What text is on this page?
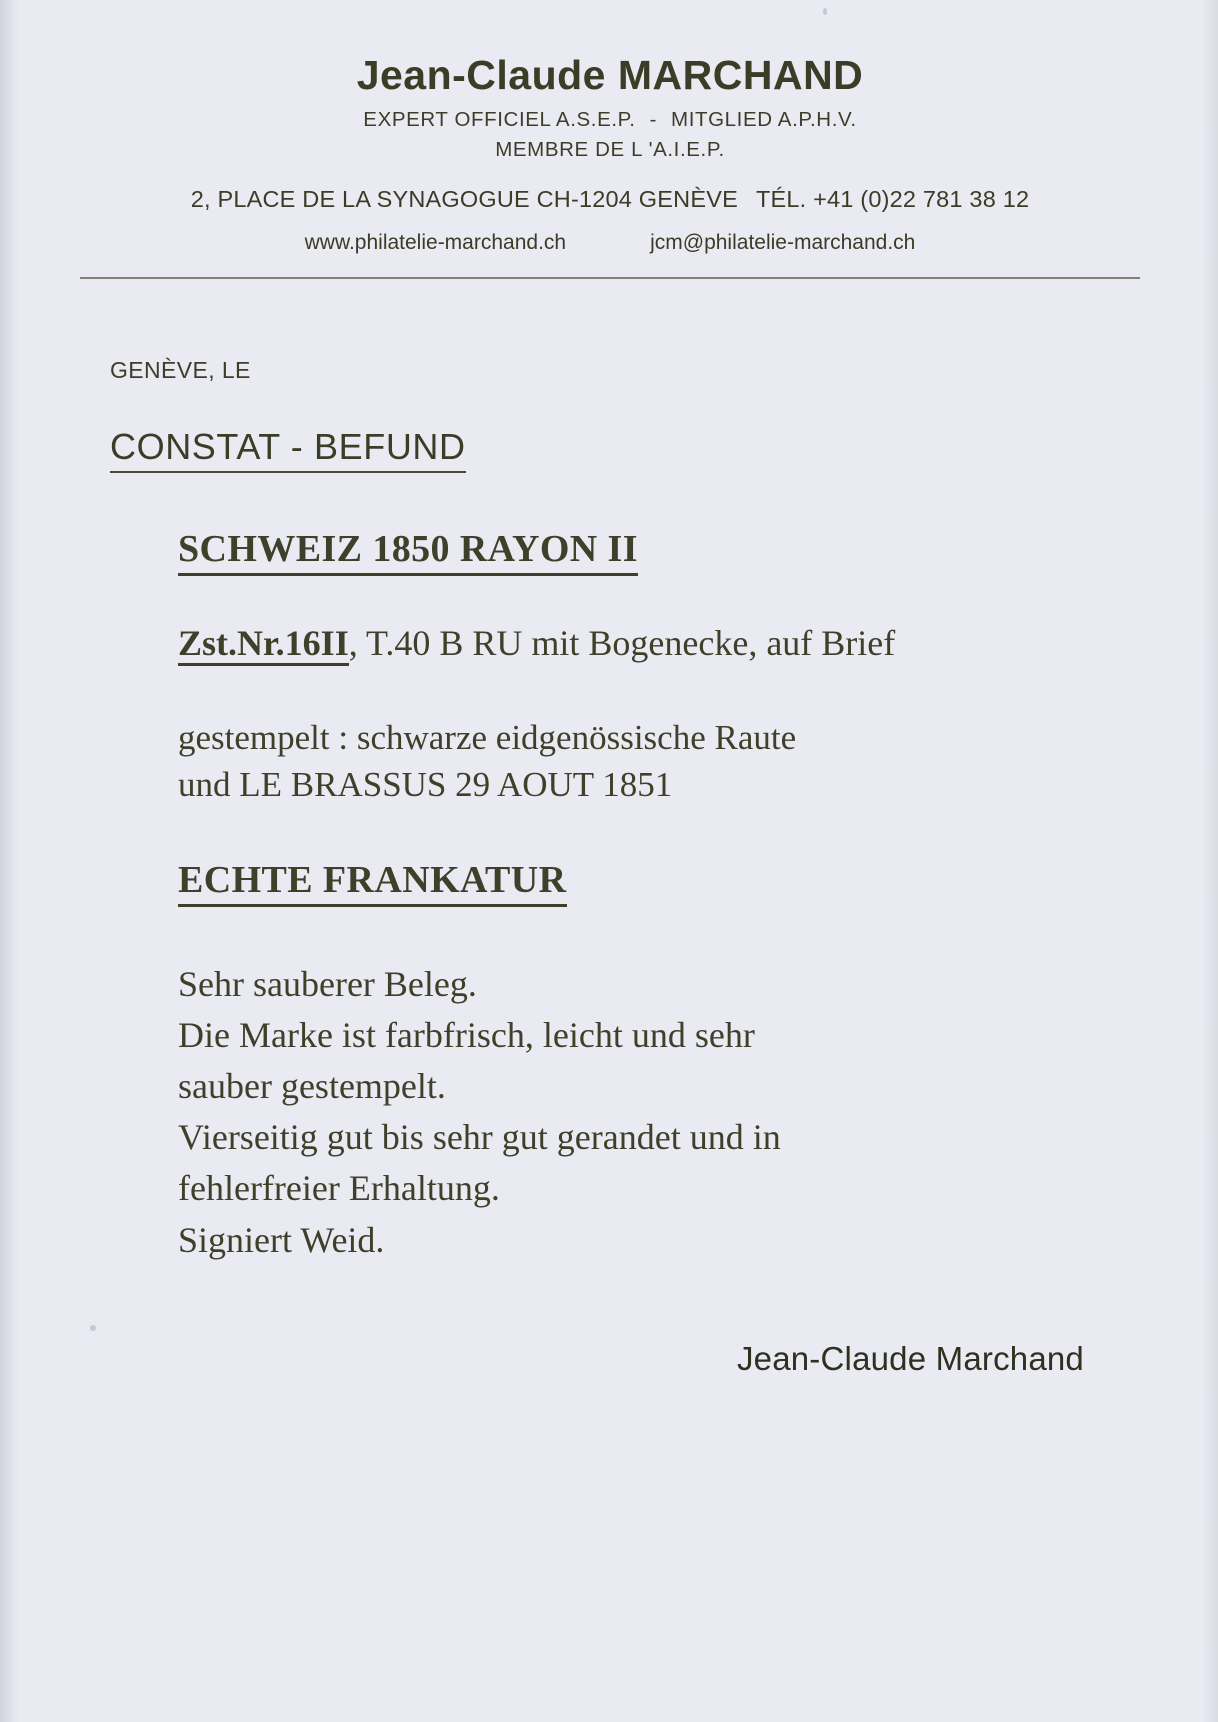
Jean-Claude MARCHAND
EXPERT OFFICIEL A.S.E.P. - MITGLIED A.P.H.V.
MEMBRE DE L 'A.I.E.P.
2, PLACE DE LA SYNAGOGUE CH-1204 GENÈVE TÉL. +41 (0)22 781 38 12
www.philatelie-marchand.ch	jcm@philatelie-marchand.ch
GENÈVE, LE
CONSTAT - BEFUND
SCHWEIZ 1850 RAYON II
Zst.Nr.16II, T.40 B RU mit Bogenecke, auf Brief
gestempelt : schwarze eidgenössische Raute
und LE BRASSUS 29 AOUT 1851
ECHTE FRANKATUR
Sehr sauberer Beleg.
Die Marke ist farbfrisch, leicht und sehr
sauber gestempelt.
Vierseitig gut bis sehr gut gerandet und in
fehlerfreier Erhaltung.
Signiert Weid.
Jean-Claude Marchand
